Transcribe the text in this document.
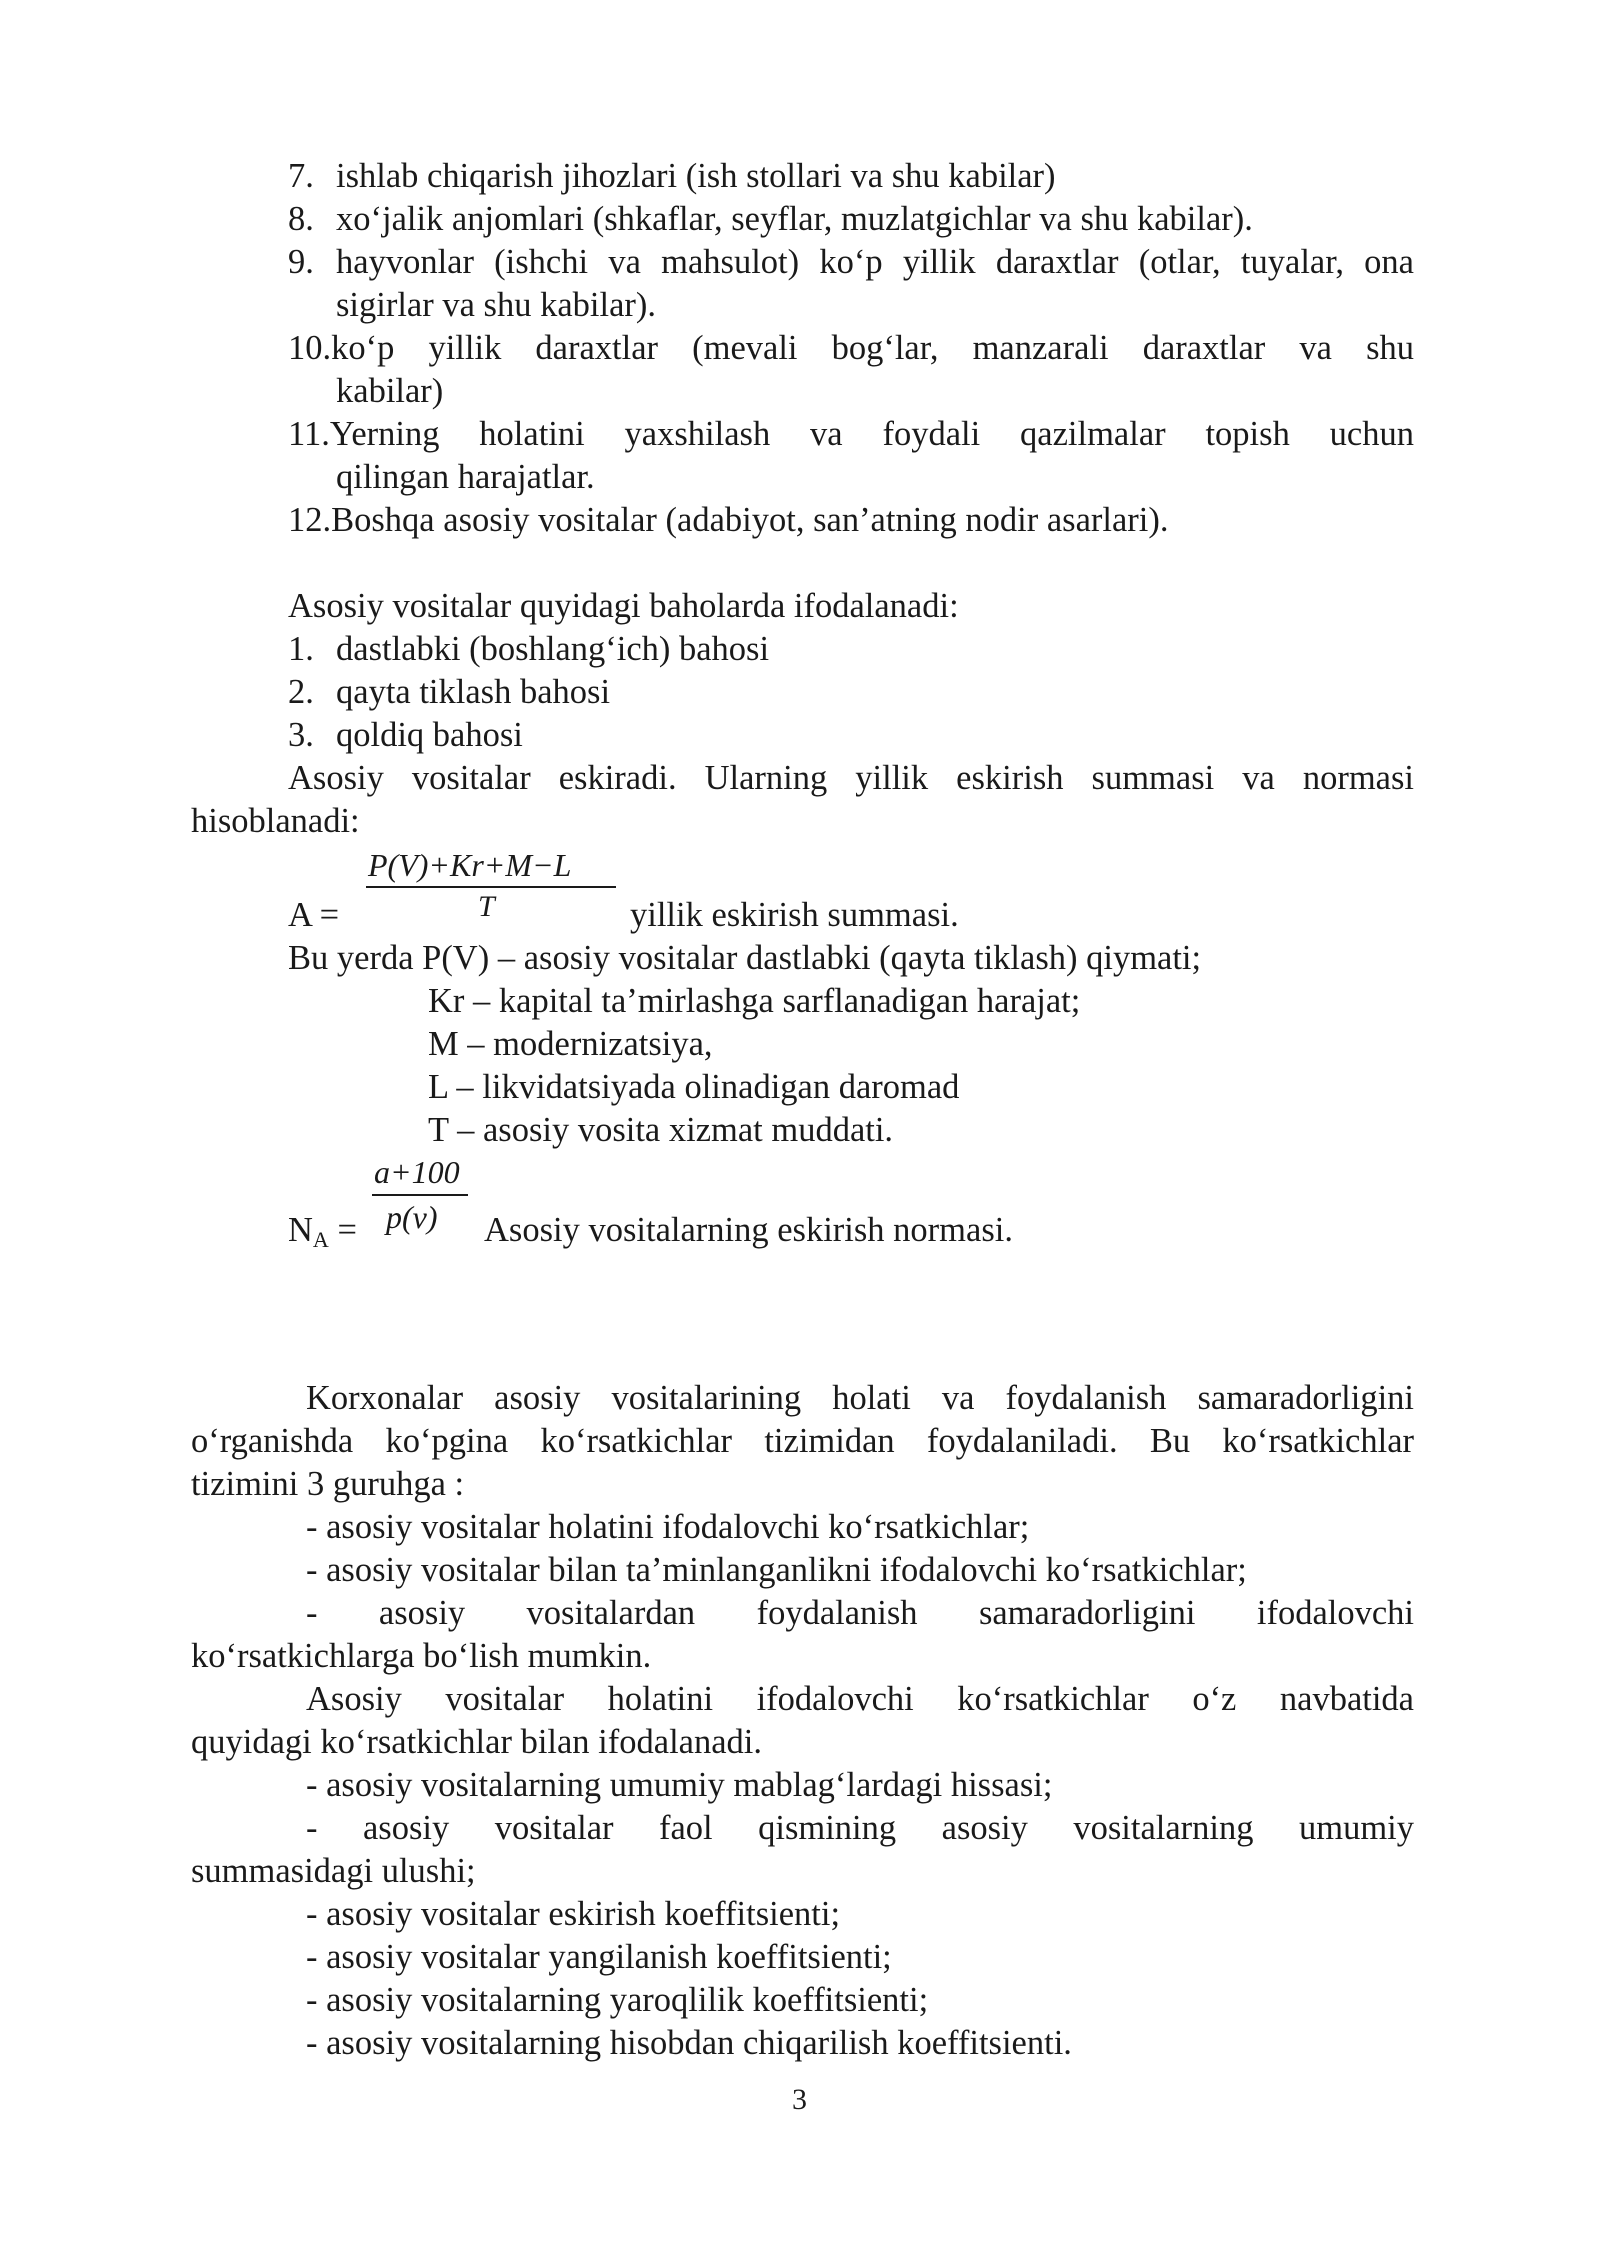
7. ishlab chiqarish jihozlari (ish stollari va shu kabilar)
8. xo‘jalik anjomlari (shkaflar, seyflar, muzlatgichlar va shu kabilar).
9. hayvonlar (ishchi va mahsulot) ko‘p yillik daraxtlar (otlar, tuyalar, ona
sigirlar va shu kabilar).
10.ko‘p yillik daraxtlar (mevali bog‘lar, manzarali daraxtlar va shu
kabilar)
11.Yerning holatini yaxshilash va foydali qazilmalar topish uchun
qilingan harajatlar.
12.Boshqa asosiy vositalar (adabiyot, san’atning nodir asarlari).
Asosiy vositalar quyidagi baholarda ifodalanadi:
1. dastlabki (boshlang‘ich) bahosi
2. qayta tiklash bahosi
3. qoldiq bahosi
Asosiy vositalar eskiradi. Ularning yillik eskirish summasi va normasi
hisoblanadi:
P(V)+Kr+M−L
T
A =	yillik eskirish summasi.
Bu yerda P(V) – asosiy vositalar dastlabki (qayta tiklash) qiymati;
Kr – kapital ta’mirlashga sarflanadigan harajat;
M – modernizatsiya,
L – likvidatsiyada olinadigan daromad
T – asosiy vosita xizmat muddati.
a+100
p(v)
$N_A$ =	Asosiy vositalarning eskirish normasi.
Korxonalar asosiy vositalarining holati va foydalanish samaradorligini
o‘rganishda ko‘pgina ko‘rsatkichlar tizimidan foydalaniladi. Bu ko‘rsatkichlar
tizimini 3 guruhga :
- asosiy vositalar holatini ifodalovchi ko‘rsatkichlar;
- asosiy vositalar bilan ta’minlanganlikni ifodalovchi ko‘rsatkichlar;
- asosiy vositalardan foydalanish samaradorligini ifodalovchi
ko‘rsatkichlarga bo‘lish mumkin.
Asosiy vositalar holatini ifodalovchi ko‘rsatkichlar o‘z navbatida
quyidagi ko‘rsatkichlar bilan ifodalanadi.
- asosiy vositalarning umumiy mablag‘lardagi hissasi;
- asosiy vositalar faol qismining asosiy vositalarning umumiy
summasidagi ulushi;
- asosiy vositalar eskirish koeffitsienti;
- asosiy vositalar yangilanish koeffitsienti;
- asosiy vositalarning yaroqlilik koeffitsienti;
- asosiy vositalarning hisobdan chiqarilish koeffitsienti.
3
